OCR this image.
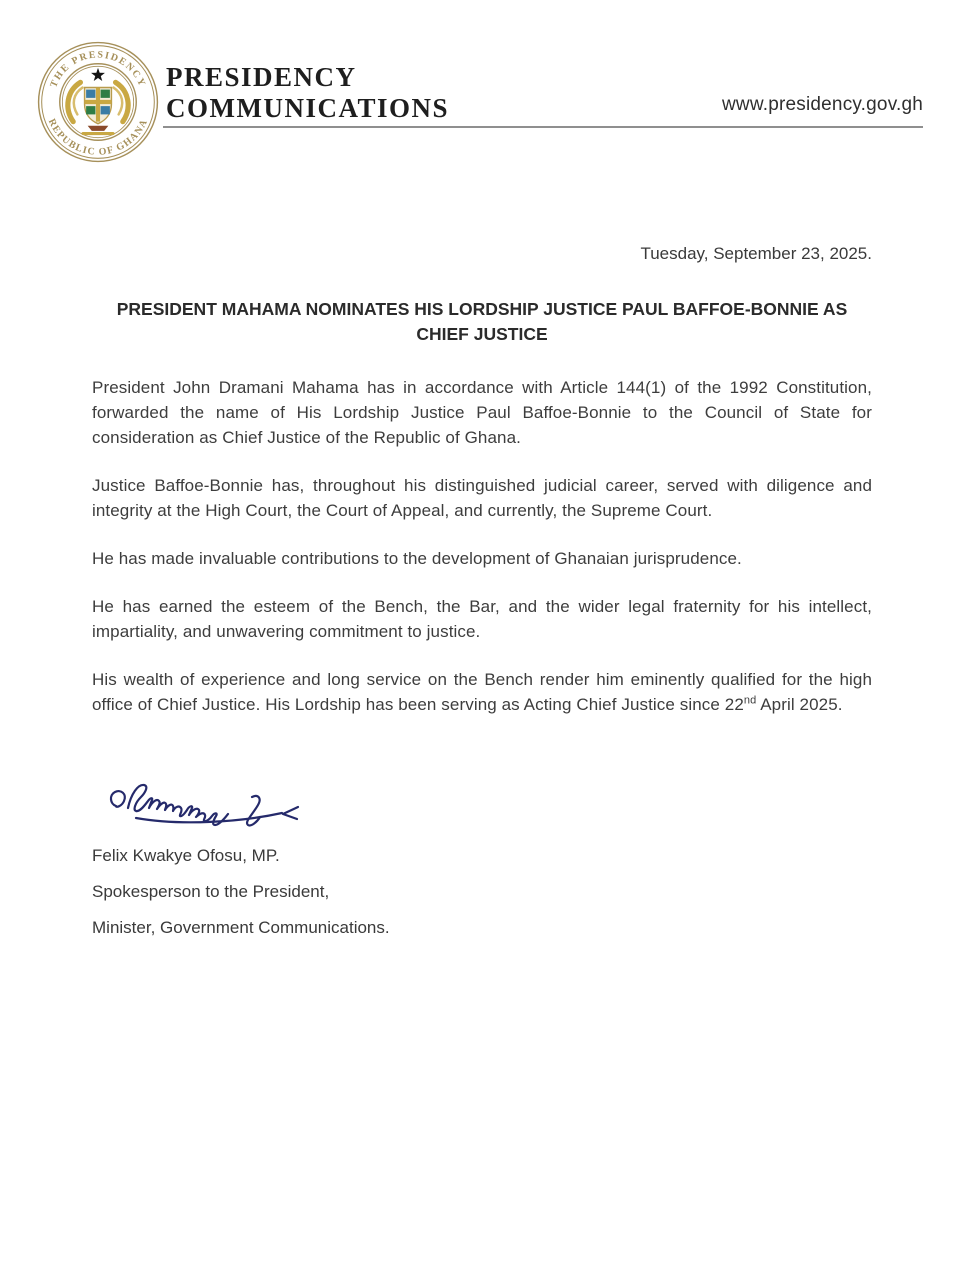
THE PRESIDENCY
REPUBLIC OF GHANA
PRESIDENCY
COMMUNICATIONS	www.presidency.gov.gh

Tuesday, September 23, 2025.

PRESIDENT MAHAMA NOMINATES HIS LORDSHIP JUSTICE PAUL BAFFOE-BONNIE AS CHIEF JUSTICE

President John Dramani Mahama has in accordance with Article 144(1) of the 1992 Constitution, forwarded the name of His Lordship Justice Paul Baffoe-Bonnie to the Council of State for consideration as Chief Justice of the Republic of Ghana.

Justice Baffoe-Bonnie has, throughout his distinguished judicial career, served with diligence and integrity at the High Court, the Court of Appeal, and currently, the Supreme Court.

He has made invaluable contributions to the development of Ghanaian jurisprudence.

He has earned the esteem of the Bench, the Bar, and the wider legal fraternity for his intellect, impartiality, and unwavering commitment to justice.

His wealth of experience and long service on the Bench render him eminently qualified for the high office of Chief Justice. His Lordship has been serving as Acting Chief Justice since 22nd April 2025.

Felix Kwakye Ofosu, MP.

Spokesperson to the President,

Minister, Government Communications.
